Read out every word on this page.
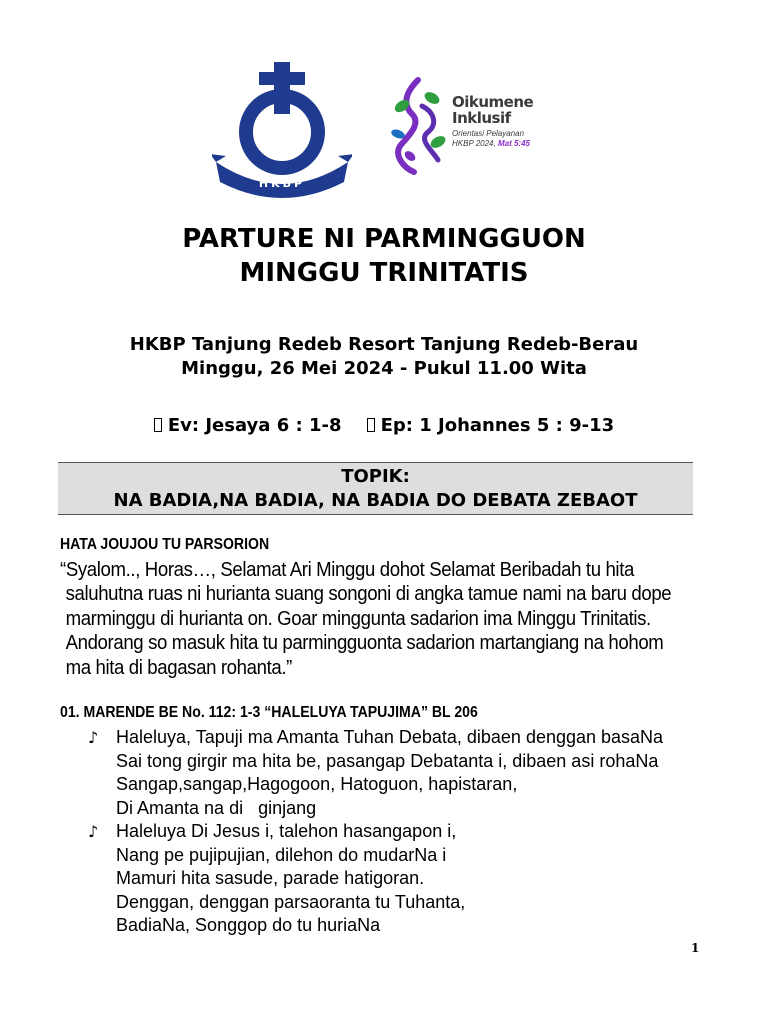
HKBP
Oikumene
Inklusif
Orientasi Pelayanan
HKBP 2024, Mat 5:45
PARTURE NI PARMINGGUON
MINGGU TRINITATIS
HKBP Tanjung Redeb Resort Tanjung Redeb-Berau
Minggu, 26 Mei 2024 - Pukul 11.00 Wita
Ev: Jesaya 6 : 1-8 Ep: 1 Johannes 5 : 9-13
TOPIK:
NA BADIA,NA BADIA, NA BADIA DO DEBATA ZEBAOT
HATA JOUJOU TU PARSORION
“Syalom.., Horas…, Selamat Ari Minggu dohot Selamat Beribadah tu hita
saluhutna ruas ni hurianta suang songoni di angka tamue nami na baru dope
marminggu di hurianta on. Goar mingguntа sadarion ima Minggu Trinitatis.
Andorang so masuk hita tu parmingguonta sadarion martangiang na hohom
ma hita di bagasan rohanta.”
01. MARENDE BE No. 112: 1-3 “HALELUYA TAPUJIMA” BL 206
♪ Haleluya, Tapuji ma Amanta Tuhan Debata, dibaen denggan basaNa
Sai tong girgir ma hita be, pasangap Debatanta i, dibaen asi rohaNa
Sangap,sangap,Hagogoon, Hatoguon, hapistaran,
Di Amanta na di   ginjang
♪ Haleluya Di Jesus i, talehon hasangapon i,
Nang pe pujipujian, dilehon do mudarNa i
Mamuri hita sasude, parade hatigoran.
Denggan, denggan parsaoranta tu Tuhanta,
BadiaNa, Songgop do tu huriaNa
1
